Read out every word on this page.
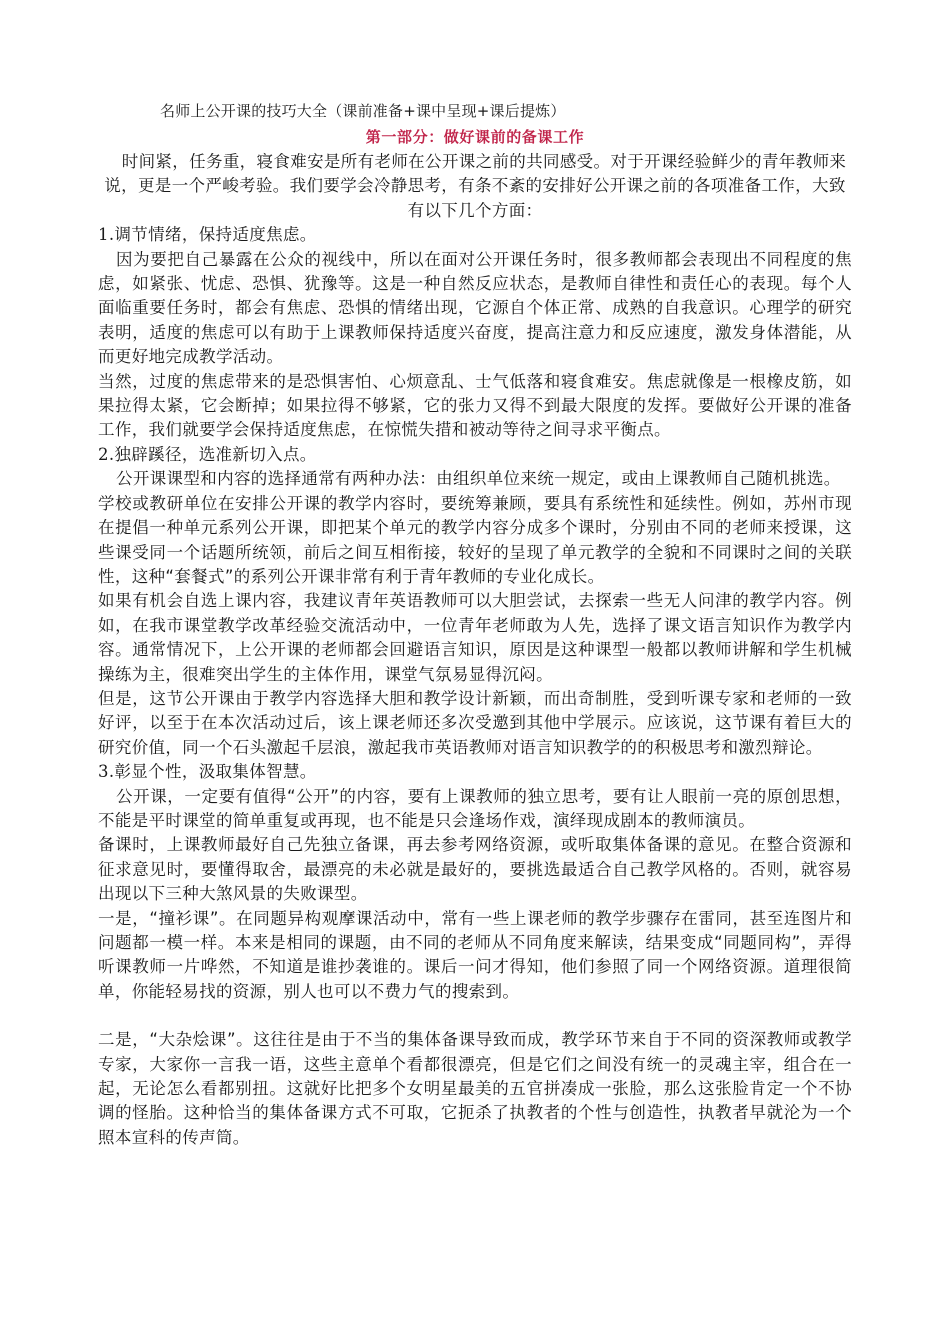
名师上公开课的技巧大全（课前准备+课中呈现+课后提炼）
第一部分：做好课前的备课工作

时间紧，任务重，寝食难安是所有老师在公开课之前的共同感受。对于开课经验鲜少的青年教师来说，更是一个严峻考验。我们要学会冷静思考，有条不紊的安排好公开课之前的各项准备工作，大致有以下几个方面：

1.调节情绪，保持适度焦虑。

因为要把自己暴露在公众的视线中，所以在面对公开课任务时，很多教师都会表现出不同程度的焦虑，如紧张、忧虑、恐惧、犹豫等。这是一种自然反应状态，是教师自律性和责任心的表现。每个人面临重要任务时，都会有焦虑、恐惧的情绪出现，它源自个体正常、成熟的自我意识。心理学的研究表明，适度的焦虑可以有助于上课教师保持适度兴奋度，提高注意力和反应速度，激发身体潜能，从而更好地完成教学活动。

当然，过度的焦虑带来的是恐惧害怕、心烦意乱、士气低落和寝食难安。焦虑就像是一根橡皮筋，如果拉得太紧，它会断掉；如果拉得不够紧，它的张力又得不到最大限度的发挥。要做好公开课的准备工作，我们就要学会保持适度焦虑，在惊慌失措和被动等待之间寻求平衡点。

2.独辟蹊径，选准新切入点。

公开课课型和内容的选择通常有两种办法：由组织单位来统一规定，或由上课教师自己随机挑选。

学校或教研单位在安排公开课的教学内容时，要统筹兼顾，要具有系统性和延续性。例如，苏州市现在提倡一种单元系列公开课，即把某个单元的教学内容分成多个课时，分别由不同的老师来授课，这些课受同一个话题所统领，前后之间互相衔接，较好的呈现了单元教学的全貌和不同课时之间的关联性，这种“套餐式”的系列公开课非常有利于青年教师的专业化成长。

如果有机会自选上课内容，我建议青年英语教师可以大胆尝试，去探索一些无人问津的教学内容。例如，在我市课堂教学改革经验交流活动中，一位青年老师敢为人先，选择了课文语言知识作为教学内容。通常情况下，上公开课的老师都会回避语言知识，原因是这种课型一般都以教师讲解和学生机械操练为主，很难突出学生的主体作用，课堂气氛易显得沉闷。

但是，这节公开课由于教学内容选择大胆和教学设计新颖，而出奇制胜，受到听课专家和老师的一致好评，以至于在本次活动过后，该上课老师还多次受邀到其他中学展示。应该说，这节课有着巨大的研究价值，同一个石头激起千层浪，激起我市英语教师对语言知识教学的的积极思考和激烈辩论。

3.彰显个性，汲取集体智慧。

公开课，一定要有值得“公开”的内容，要有上课教师的独立思考，要有让人眼前一亮的原创思想，不能是平时课堂的简单重复或再现，也不能是只会逢场作戏，演绎现成剧本的教师演员。

备课时，上课教师最好自己先独立备课，再去参考网络资源，或听取集体备课的意见。在整合资源和征求意见时，要懂得取舍，最漂亮的未必就是最好的，要挑选最适合自己教学风格的。否则，就容易出现以下三种大煞风景的失败课型。

一是，“撞衫课”。在同题异构观摩课活动中，常有一些上课老师的教学步骤存在雷同，甚至连图片和问题都一模一样。本来是相同的课题，由不同的老师从不同角度来解读，结果变成“同题同构”，弄得听课教师一片哗然，不知道是谁抄袭谁的。课后一问才得知，他们参照了同一个网络资源。道理很简单，你能轻易找的资源，别人也可以不费力气的搜索到。

二是，“大杂烩课”。这往往是由于不当的集体备课导致而成，教学环节来自于不同的资深教师或教学专家，大家你一言我一语，这些主意单个看都很漂亮，但是它们之间没有统一的灵魂主宰，组合在一起，无论怎么看都别扭。这就好比把多个女明星最美的五官拼凑成一张脸，那么这张脸肯定一个不协调的怪胎。这种恰当的集体备课方式不可取，它扼杀了执教者的个性与创造性，执教者早就沦为一个照本宣科的传声筒。
